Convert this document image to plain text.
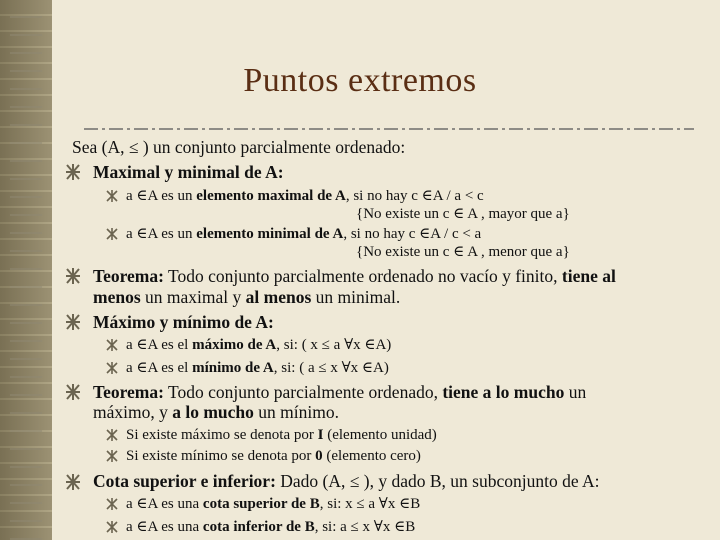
Puntos extremos
Sea (A, ≤ ) un conjunto parcialmente ordenado:
Maximal y minimal de A:
a ∈A es un elemento maximal de A, si no hay c ∈A / a < c
{No existe un c ∈ A , mayor que a}
a ∈A es un elemento minimal de A, si no hay c ∈A / c < a
{No existe un c ∈ A , menor que a}
Teorema: Todo conjunto parcialmente ordenado no vacío y finito, tiene al
menos un maximal y al menos un minimal.
Máximo y mínimo de A:
a ∈A es el máximo de A, si: ( x ≤ a ∀x ∈A)
a ∈A es el mínimo de A, si: ( a ≤ x ∀x ∈A)
Teorema: Todo conjunto parcialmente ordenado, tiene a lo mucho un
máximo, y a lo mucho un mínimo.
Si existe máximo se denota por I (elemento unidad)
Si existe mínimo se denota por 0 (elemento cero)
Cota superior e inferior: Dado (A, ≤ ), y dado B, un subconjunto de A:
a ∈A es una cota superior de B, si: x ≤ a ∀x ∈B
a ∈A es una cota inferior de B, si: a ≤ x ∀x ∈B
